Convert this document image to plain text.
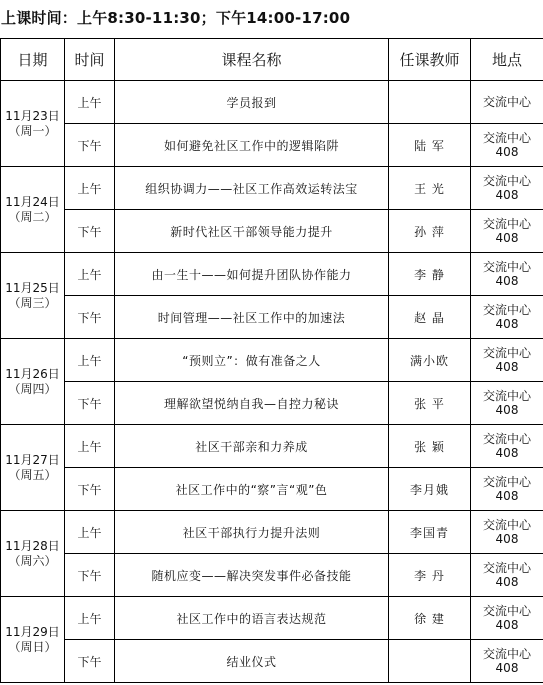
上课时间：上午8:30-11:30；下午14:00-17:00
日期	时间	课程名称	任课教师	地点

11月23日
（周一）	上午	学员报到		交流中心

	下午	如何避免社区工作中的逻辑陷阱	陆 军	交流中心
408

11月24日
（周二）	上午	组织协调力——社区工作高效运转法宝	王 光	交流中心
408

	下午	新时代社区干部领导能力提升	孙 萍	交流中心
408

11月25日
（周三）	上午	由一生十——如何提升团队协作能力	李 静	交流中心
408

	下午	时间管理——社区工作中的加速法	赵 晶	交流中心
408

11月26日
（周四）	上午	“预则立”：做有准备之人	满小欧	交流中心
408

	下午	理解欲望悦纳自我—自控力秘诀	张 平	交流中心
408

11月27日
（周五）	上午	社区干部亲和力养成	张 颖	交流中心
408

	下午	社区工作中的“察”言“观”色	李月娥	交流中心
408

11月28日
（周六）	上午	社区干部执行力提升法则	李国青	交流中心
408

	下午	随机应变——解决突发事件必备技能	李 丹	交流中心
408

11月29日
（周日）	上午	社区工作中的语言表达规范	徐 建	交流中心
408

	下午	结业仪式		交流中心
408
